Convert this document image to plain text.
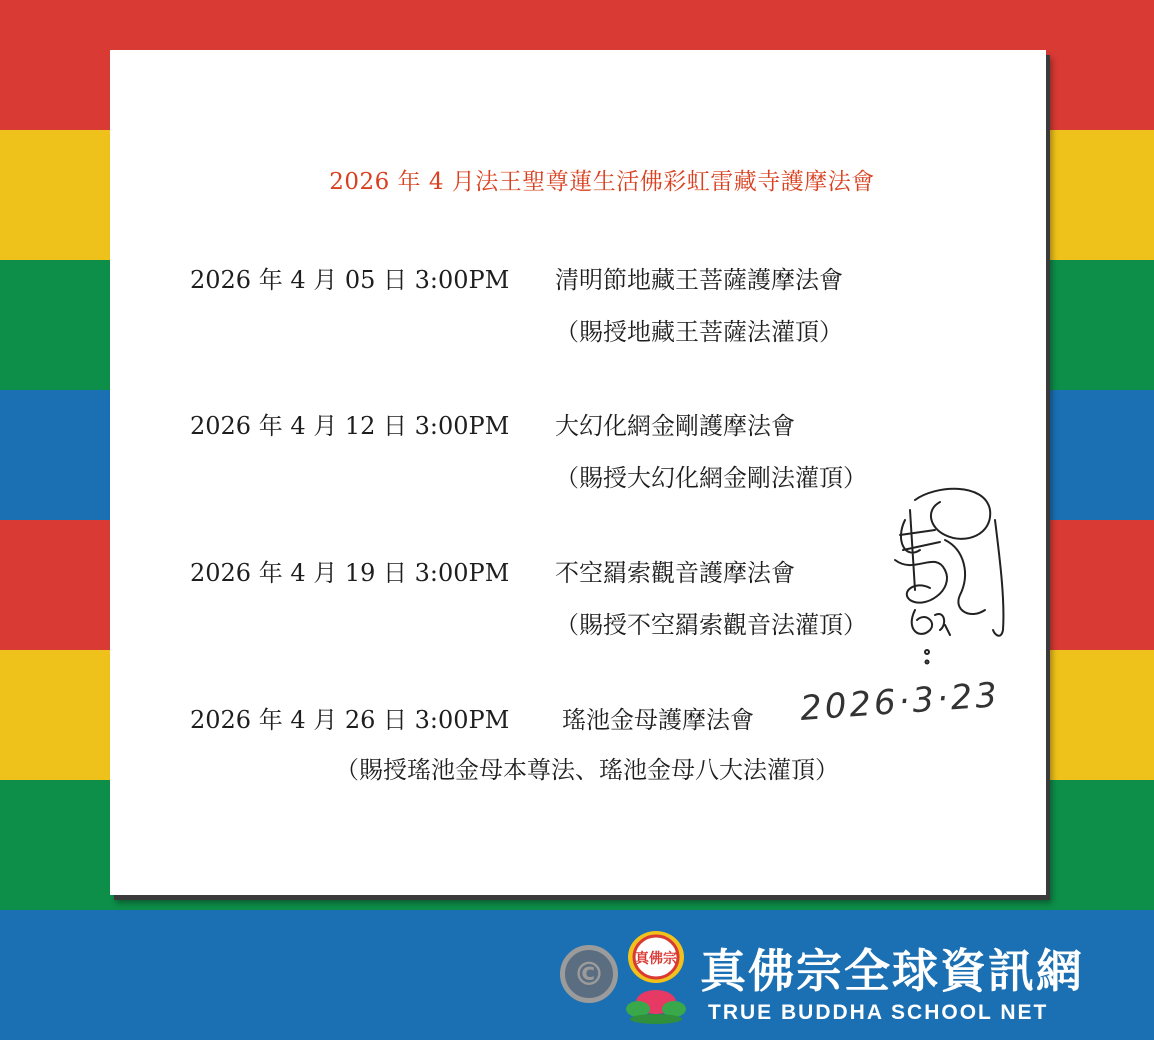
2026 年 4 月法王聖尊蓮生活佛彩虹雷藏寺護摩法會
2026 年 4 月 05 日 3:00PM 清明節地藏王菩薩護摩法會
（賜授地藏王菩薩法灌頂）
2026 年 4 月 12 日 3:00PM 大幻化網金剛護摩法會
（賜授大幻化網金剛法灌頂）
2026 年 4 月 19 日 3:00PM 不空羂索觀音護摩法會
（賜授不空羂索觀音法灌頂）
2026 年 4 月 26 日 3:00PM 瑤池金母護摩法會
（賜授瑤池金母本尊法、瑤池金母八大法灌頂）
2026·3·23
©	真佛宗 真佛宗全球資訊網
TRUE BUDDHA SCHOOL NET
